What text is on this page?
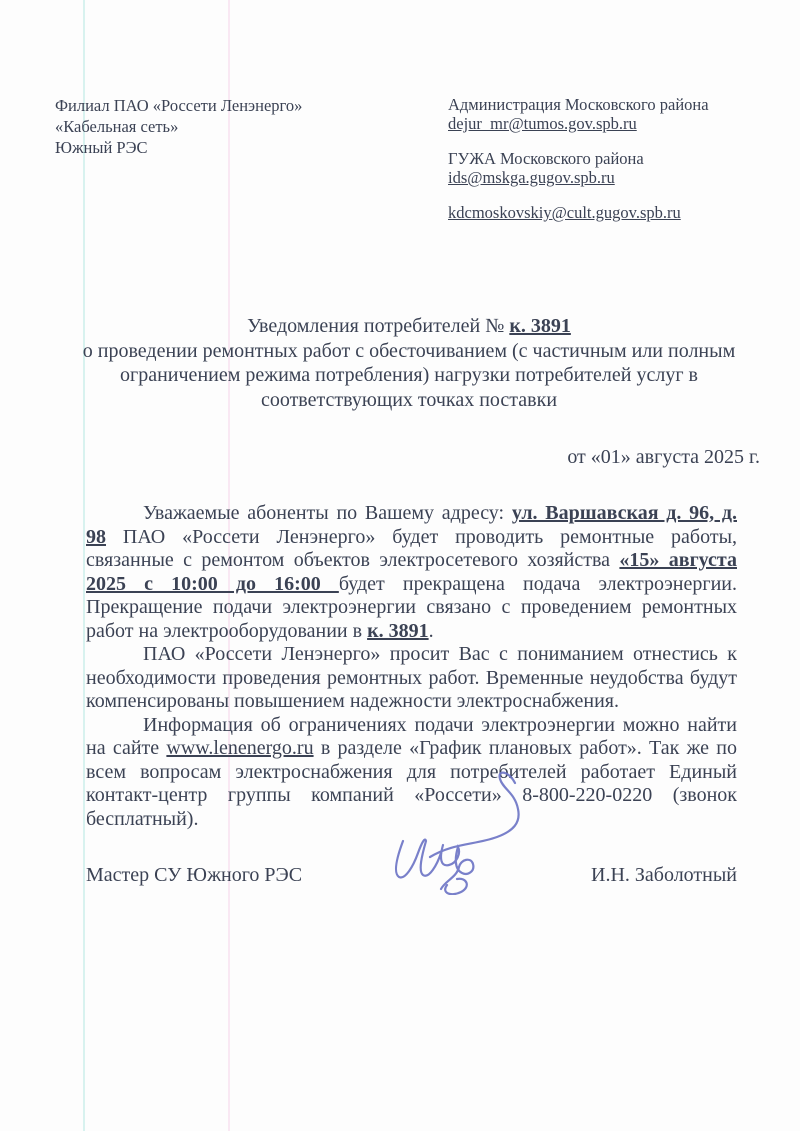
Филиал ПАО «Россети Ленэнерго»
«Кабельная сеть»
Южный РЭС
Администрация Московского района
dejur_mr@tumos.gov.spb.ru
ГУЖА Московского района
ids@mskga.gugov.spb.ru
kdcmoskovskiy@cult.gugov.spb.ru
Уведомления потребителей № к. 3891
о проведении ремонтных работ с обесточиванием (с частичным или полным
ограничением режима потребления) нагрузки потребителей услуг в
соответствующих точках поставки
от «01» августа 2025 г.

Уважаемые абоненты по Вашему адресу: ул. Варшавская д. 96, д. 98 ПАО «Россети Ленэнерго» будет проводить ремонтные работы, связанные с ремонтом объектов электросетевого хозяйства «15» августа 2025 с 10:00 до 16:00 будет прекращена подача электроэнергии. Прекращение подачи электроэнергии связано с проведением ремонтных работ на электрооборудовании в к. 3891.

ПАО «Россети Ленэнерго» просит Вас с пониманием отнестись к необходимости проведения ремонтных работ. Временные неудобства будут компенсированы повышением надежности электроснабжения.

Информация об ограничениях подачи электроэнергии можно найти на сайте www.lenenergo.ru в разделе «График плановых работ». Так же по всем вопросам электроснабжения для потребителей работает Единый контакт-центр группы компаний «Россети» 8-800-220-0220 (звонок бесплатный).

Мастер СУ Южного РЭС	И.Н. Заболотный
